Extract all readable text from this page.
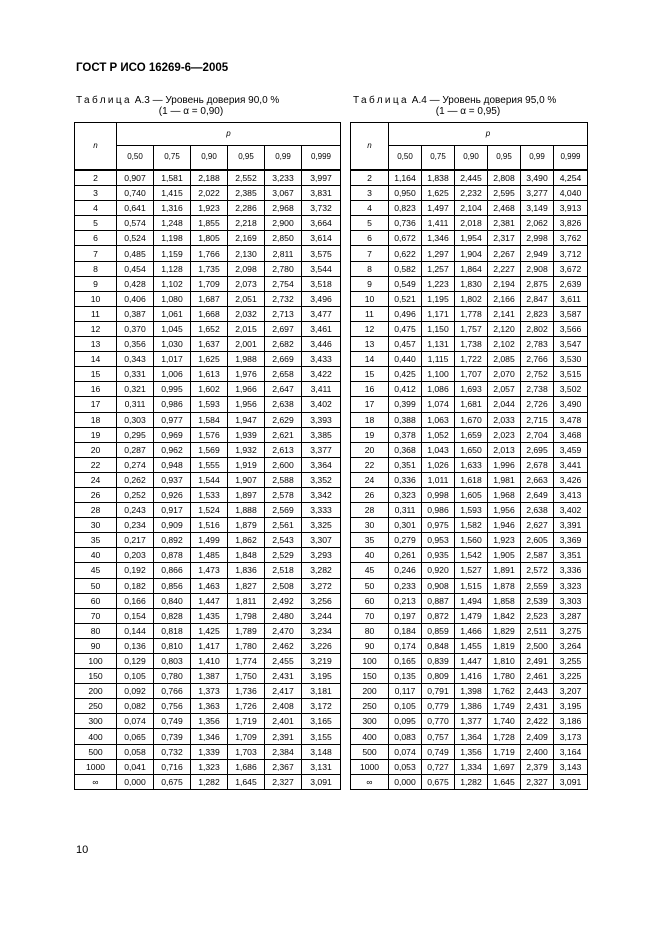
ГОСТ Р ИСО 16269-6—2005
Таблица А.3 — Уровень доверия 90,0 %
(1 — α = 0,90)
Таблица А.4 — Уровень доверия 95,0 %
(1 — α = 0,95)
n	p					
	0,50	0,75	0,90	0,95	0,99	0,999
2	0,907	1,581	2,188	2,552	3,233	3,997
3	0,740	1,415	2,022	2,385	3,067	3,831
4	0,641	1,316	1,923	2,286	2,968	3,732
5	0,574	1,248	1,855	2,218	2,900	3,664
6	0,524	1,198	1,805	2,169	2,850	3,614
7	0,485	1,159	1,766	2,130	2,811	3,575
8	0,454	1,128	1,735	2,098	2,780	3,544
9	0,428	1,102	1,709	2,073	2,754	3,518
10	0,406	1,080	1,687	2,051	2,732	3,496
11	0,387	1,061	1,668	2,032	2,713	3,477
12	0,370	1,045	1,652	2,015	2,697	3,461
13	0,356	1,030	1,637	2,001	2,682	3,446
14	0,343	1,017	1,625	1,988	2,669	3,433
15	0,331	1,006	1,613	1,976	2,658	3,422
16	0,321	0,995	1,602	1,966	2,647	3,411
17	0,311	0,986	1,593	1,956	2,638	3,402
18	0,303	0,977	1,584	1,947	2,629	3,393
19	0,295	0,969	1,576	1,939	2,621	3,385
20	0,287	0,962	1,569	1,932	2,613	3,377
22	0,274	0,948	1,555	1,919	2,600	3,364
24	0,262	0,937	1,544	1,907	2,588	3,352
26	0,252	0,926	1,533	1,897	2,578	3,342
28	0,243	0,917	1,524	1,888	2,569	3,333
30	0,234	0,909	1,516	1,879	2,561	3,325
35	0,217	0,892	1,499	1,862	2,543	3,307
40	0,203	0,878	1,485	1,848	2,529	3,293
45	0,192	0,866	1,473	1,836	2,518	3,282
50	0,182	0,856	1,463	1,827	2,508	3,272
60	0,166	0,840	1,447	1,811	2,492	3,256
70	0,154	0,828	1,435	1,798	2,480	3,244
80	0,144	0,818	1,425	1,789	2,470	3,234
90	0,136	0,810	1,417	1,780	2,462	3,226
100	0,129	0,803	1,410	1,774	2,455	3,219
150	0,105	0,780	1,387	1,750	2,431	3,195
200	0,092	0,766	1,373	1,736	2,417	3,181
250	0,082	0,756	1,363	1,726	2,408	3,172
300	0,074	0,749	1,356	1,719	2,401	3,165
400	0,065	0,739	1,346	1,709	2,391	3,155
500	0,058	0,732	1,339	1,703	2,384	3,148
1000	0,041	0,716	1,323	1,686	2,367	3,131
∞	0,000	0,675	1,282	1,645	2,327	3,091
n	p					
	0,50	0,75	0,90	0,95	0,99	0,999
2	1,164	1,838	2,445	2,808	3,490	4,254
3	0,950	1,625	2,232	2,595	3,277	4,040
4	0,823	1,497	2,104	2,468	3,149	3,913
5	0,736	1,411	2,018	2,381	2,062	3,826
6	0,672	1,346	1,954	2,317	2,998	3,762
7	0,622	1,297	1,904	2,267	2,949	3,712
8	0,582	1,257	1,864	2,227	2,908	3,672
9	0,549	1,223	1,830	2,194	2,875	2,639
10	0,521	1,195	1,802	2,166	2,847	3,611
11	0,496	1,171	1,778	2,141	2,823	3,587
12	0,475	1,150	1,757	2,120	2,802	3,566
13	0,457	1,131	1,738	2,102	2,783	3,547
14	0,440	1,115	1,722	2,085	2,766	3,530
15	0,425	1,100	1,707	2,070	2,752	3,515
16	0,412	1,086	1,693	2,057	2,738	3,502
17	0,399	1,074	1,681	2,044	2,726	3,490
18	0,388	1,063	1,670	2,033	2,715	3,478
19	0,378	1,052	1,659	2,023	2,704	3,468
20	0,368	1,043	1,650	2,013	2,695	3,459
22	0,351	1,026	1,633	1,996	2,678	3,441
24	0,336	1,011	1,618	1,981	2,663	3,426
26	0,323	0,998	1,605	1,968	2,649	3,413
28	0,311	0,986	1,593	1,956	2,638	3,402
30	0,301	0,975	1,582	1,946	2,627	3,391
35	0,279	0,953	1,560	1,923	2,605	3,369
40	0,261	0,935	1,542	1,905	2,587	3,351
45	0,246	0,920	1,527	1,891	2,572	3,336
50	0,233	0,908	1,515	1,878	2,559	3,323
60	0,213	0,887	1,494	1,858	2,539	3,303
70	0,197	0,872	1,479	1,842	2,523	3,287
80	0,184	0,859	1,466	1,829	2,511	3,275
90	0,174	0,848	1,455	1,819	2,500	3,264
100	0,165	0,839	1,447	1,810	2,491	3,255
150	0,135	0,809	1,416	1,780	2,461	3,225
200	0,117	0,791	1,398	1,762	2,443	3,207
250	0,105	0,779	1,386	1,749	2,431	3,195
300	0,095	0,770	1,377	1,740	2,422	3,186
400	0,083	0,757	1,364	1,728	2,409	3,173
500	0,074	0,749	1,356	1,719	2,400	3,164
1000	0,053	0,727	1,334	1,697	2,379	3,143
∞	0,000	0,675	1,282	1,645	2,327	3,091
10
